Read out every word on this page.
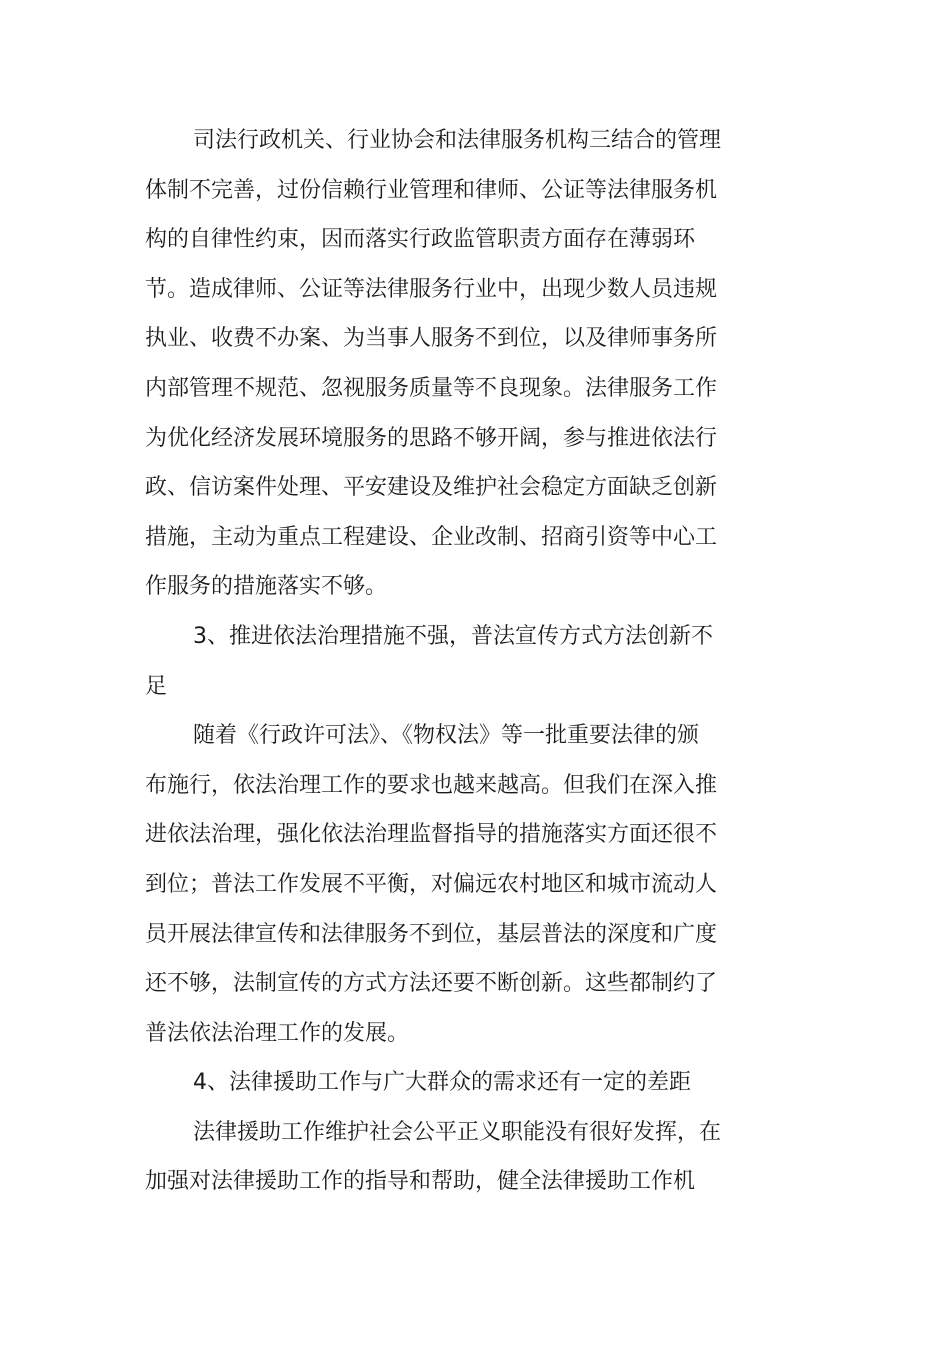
司法行政机关、行业协会和法律服务机构三结合的管理
体制不完善，过份信赖行业管理和律师、公证等法律服务机
构的自律性约束，因而落实行政监管职责方面存在薄弱环
节。造成律师、公证等法律服务行业中，出现少数人员违规
执业、收费不办案、为当事人服务不到位，以及律师事务所
内部管理不规范、忽视服务质量等不良现象。法律服务工作
为优化经济发展环境服务的思路不够开阔，参与推进依法行
政、信访案件处理、平安建设及维护社会稳定方面缺乏创新
措施，主动为重点工程建设、企业改制、招商引资等中心工
作服务的措施落实不够。
3、推进依法治理措施不强，普法宣传方式方法创新不
足
随着《行政许可法》、《物权法》等一批重要法律的颁
布施行，依法治理工作的要求也越来越高。但我们在深入推
进依法治理，强化依法治理监督指导的措施落实方面还很不
到位；普法工作发展不平衡，对偏远农村地区和城市流动人
员开展法律宣传和法律服务不到位，基层普法的深度和广度
还不够，法制宣传的方式方法还要不断创新。这些都制约了
普法依法治理工作的发展。
4、法律援助工作与广大群众的需求还有一定的差距
法律援助工作维护社会公平正义职能没有很好发挥，在
加强对法律援助工作的指导和帮助，健全法律援助工作机
